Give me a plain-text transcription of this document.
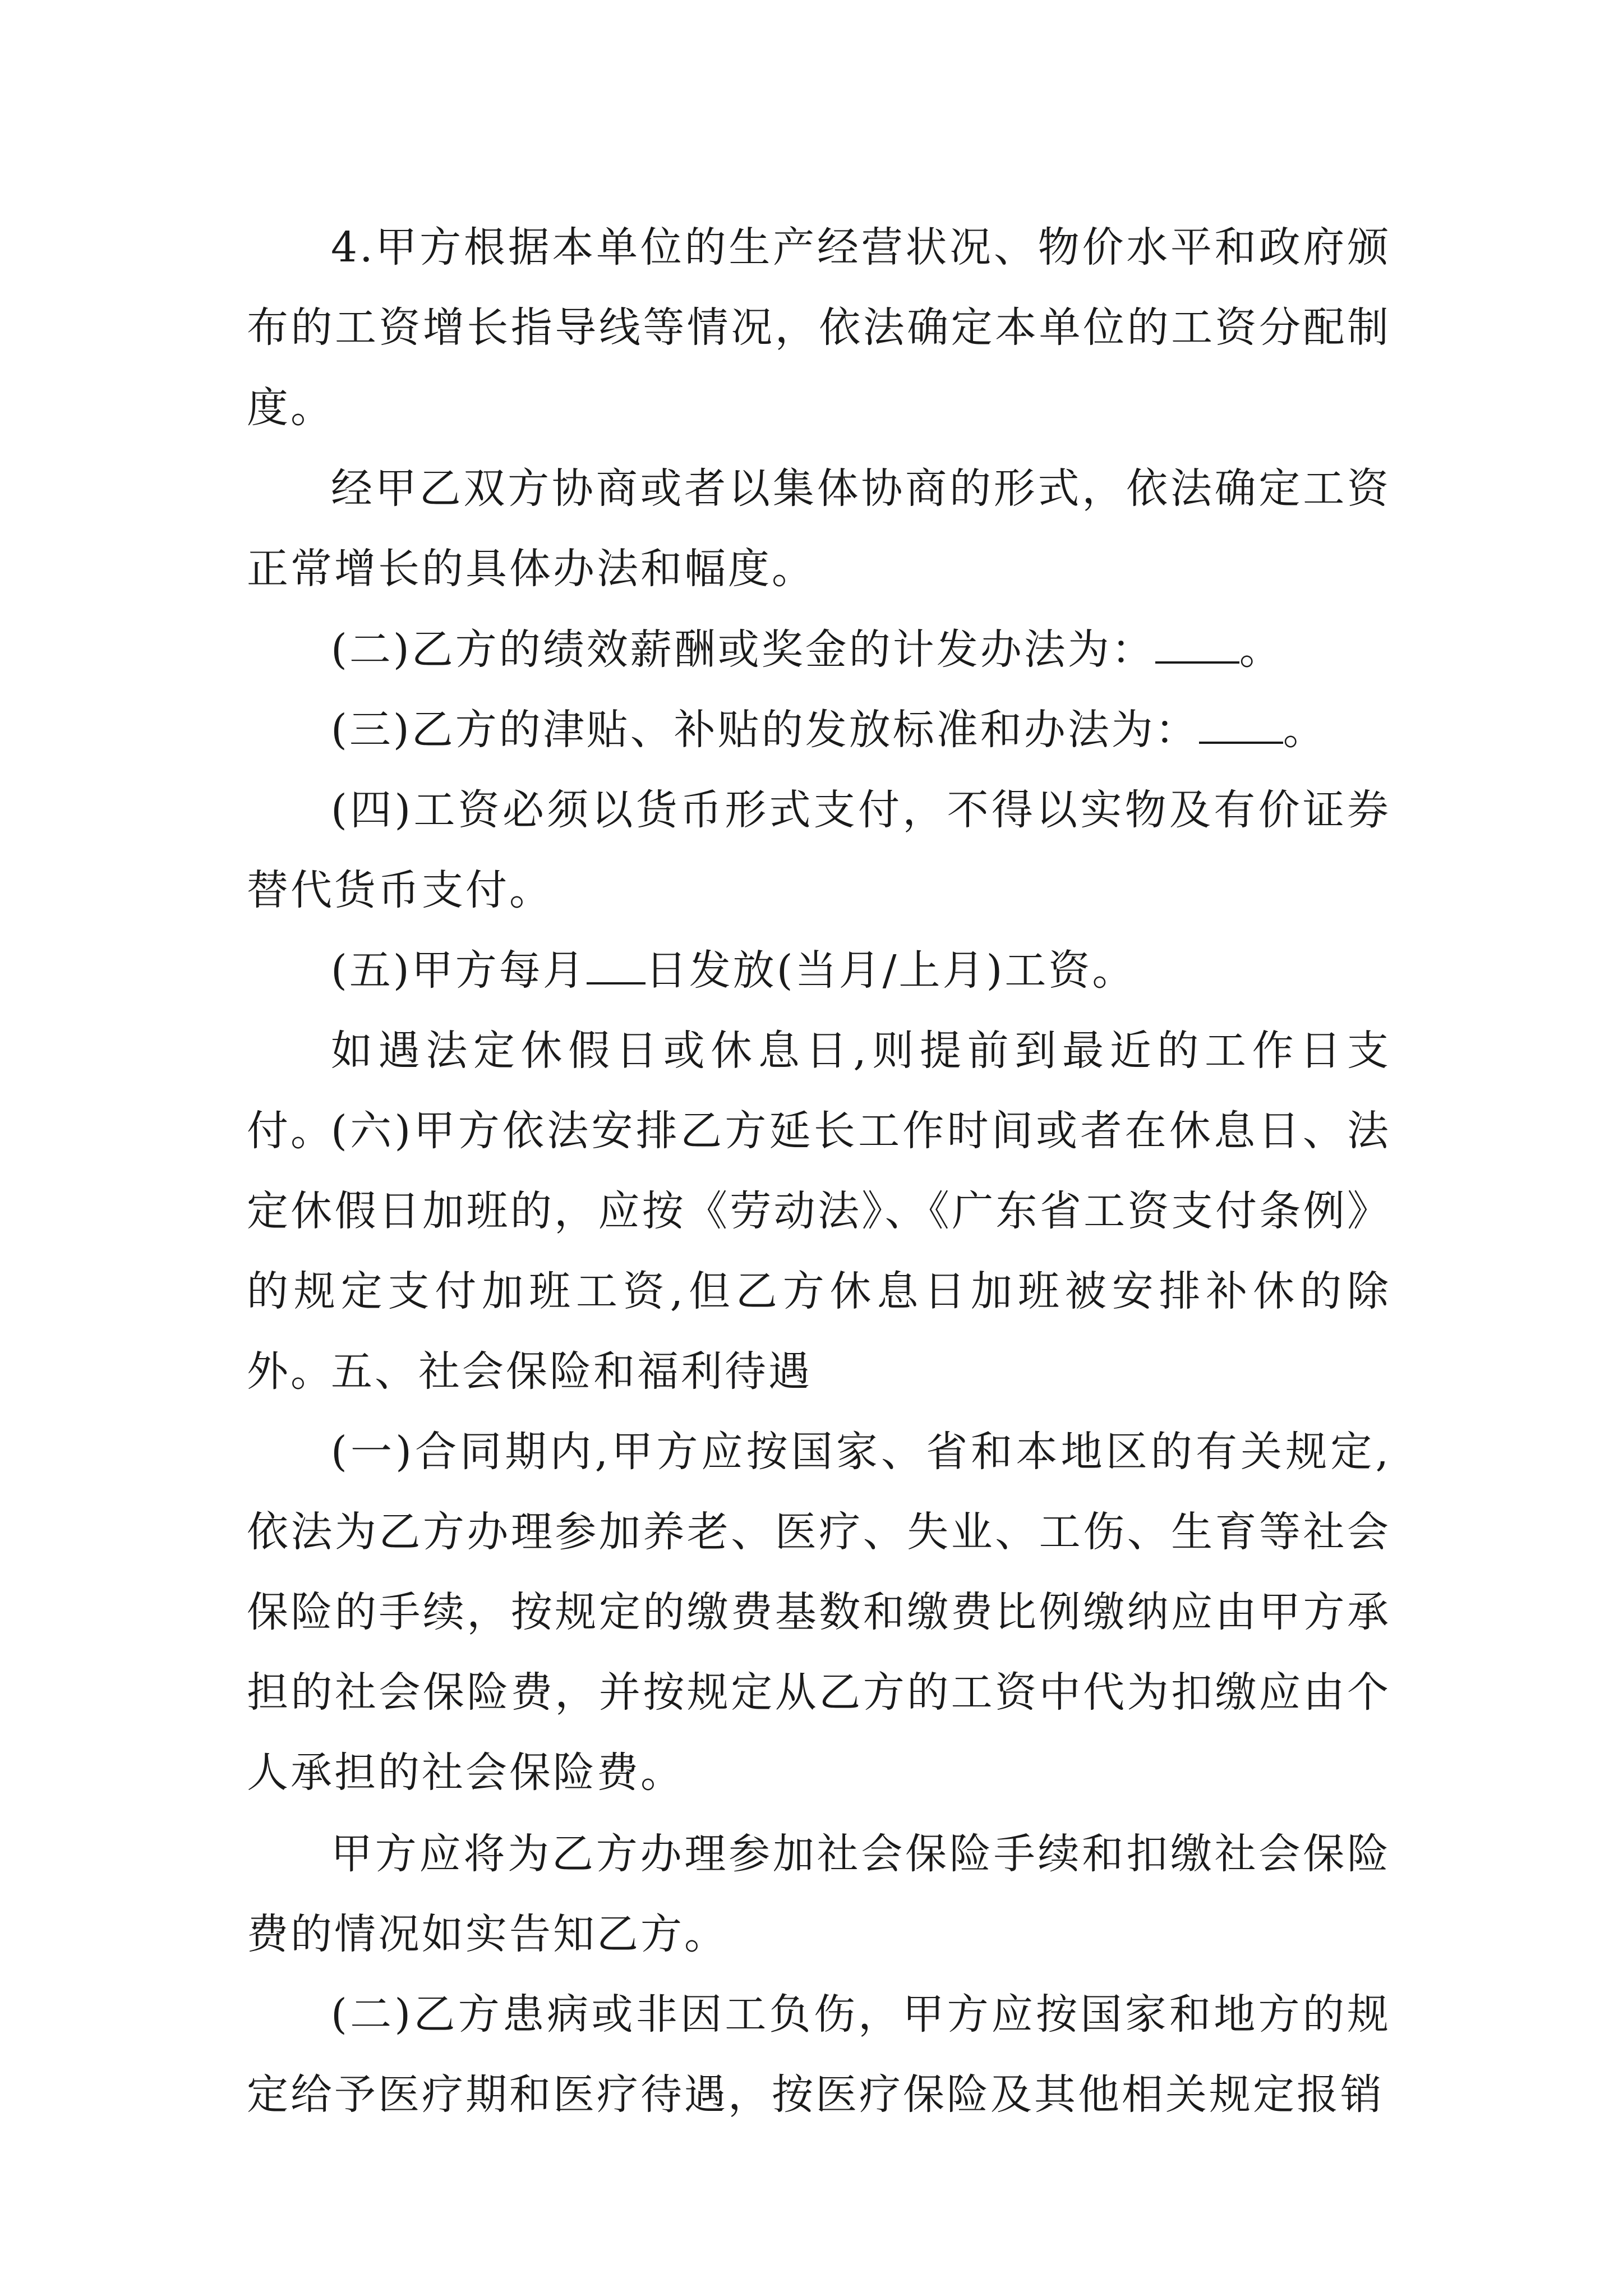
4.甲方根据本单位的生产经营状况、物价水平和政府颁布的工资增长指导线等情况，依法确定本单位的工资分配制度。

经甲乙双方协商或者以集体协商的形式，依法确定工资正常增长的具体办法和幅度。

(二)乙方的绩效薪酬或奖金的计发办法为： 。

(三)乙方的津贴、补贴的发放标准和办法为： 。

(四)工资必须以货币形式支付，不得以实物及有价证券替代货币支付。

(五)甲方每月 日发放(当月/上月)工资。

如遇法定休假日或休息日,则提前到最近的工作日支付。

(六)甲方依法安排乙方延长工作时间或者在休息日、法定休假日加班的，应按《劳动法》、《广东省工资支付条例》的规定支付加班工资,但乙方休息日加班被安排补休的除外。

五、社会保险和福利待遇

(一)合同期内,甲方应按国家、省和本地区的有关规定,依法为乙方办理参加养老、医疗、失业、工伤、生育等社会保险的手续，按规定的缴费基数和缴费比例缴纳应由甲方承担的社会保险费，并按规定从乙方的工资中代为扣缴应由个人承担的社会保险费。

甲方应将为乙方办理参加社会保险手续和扣缴社会保险费的情况如实告知乙方。

(二)乙方患病或非因工负伤，甲方应按国家和地方的规定给予医疗期和医疗待遇，按医疗保险及其他相关规定报销
